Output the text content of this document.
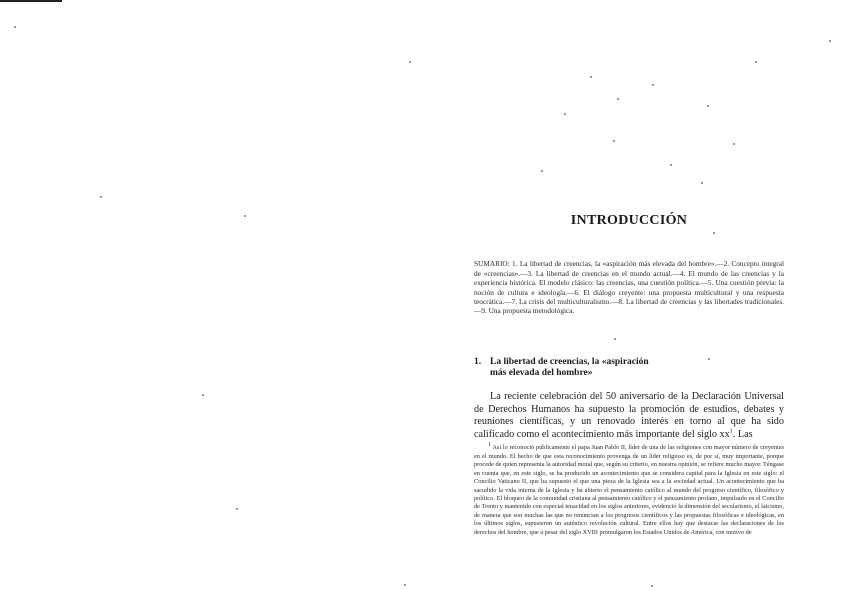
INTRODUCCIÓN

SUMARIO: 1. La libertad de creencias, la «aspiración más elevada del hombre».—2. Concepto integral de «creencias».—3. La libertad de creencias en el mundo actual.—4. El mundo de las creencias y la experiencia histórica. El modelo clásico: las creencias, una cuestión política.—5. Una cuestión previa: la noción de cultura e ideología.—6. El diálogo creyente: una propuesta multicultural y una respuesta teocrática.—7. La crisis del multiculturalismo.—8. La libertad de creencias y las libertades tradicionales.—9. Una propuesta metodológica.

1. La libertad de creencias, la «aspiración más elevada del hombre»

La reciente celebración del 50 aniversario de la Declaración Universal de Derechos Humanos ha supuesto la promoción de estudios, debates y reuniones científicas, y un renovado interés en torno al que ha sido calificado como el acontecimiento más importante del siglo $xx^1$. Las

1 Así lo reconoció públicamente el papa Juan Pablo II, líder de una de las religiones con mayor número de creyentes en el mundo. El hecho de que esta reconocimiento provenga de un líder religioso es, de por sí, muy importante, porque procede de quien representa la autoridad moral que, según su criterio, en nuestra opinión, se refiere mucho mayor. Téngase en cuenta que, en este siglo, se ha producido un acontecimiento que se considera capital para la Iglesia en este siglo: el Concilio Vaticano II, que ha supuesto el que una pieza de la Iglesia sea a la sociedad actual. Un acontecimiento que ha sacudido la vida interna de la Iglesia y ha abierto el pensamiento católico al mundo del progreso científico, filosófico y político. El bloqueo de la comunidad cristiana al pensamiento católico y el pensamiento profano, impulsado en el Concilio de Trento y mantenido con especial tenacidad en los siglos anteriores, evidenció la dimensión del secularismo, el laicismo, de manera que son muchas las que no renuncian a los progresos científicos y las propuestas filosóficas e ideológicas, en los últimos siglos, supusieron un auténtico revolución cultural. Entre ellos hay que destacar las declaraciones de los derechos del hombre, que a pesar del siglo XVIII promulgaron los Estados Unidos de América, con motivo de
